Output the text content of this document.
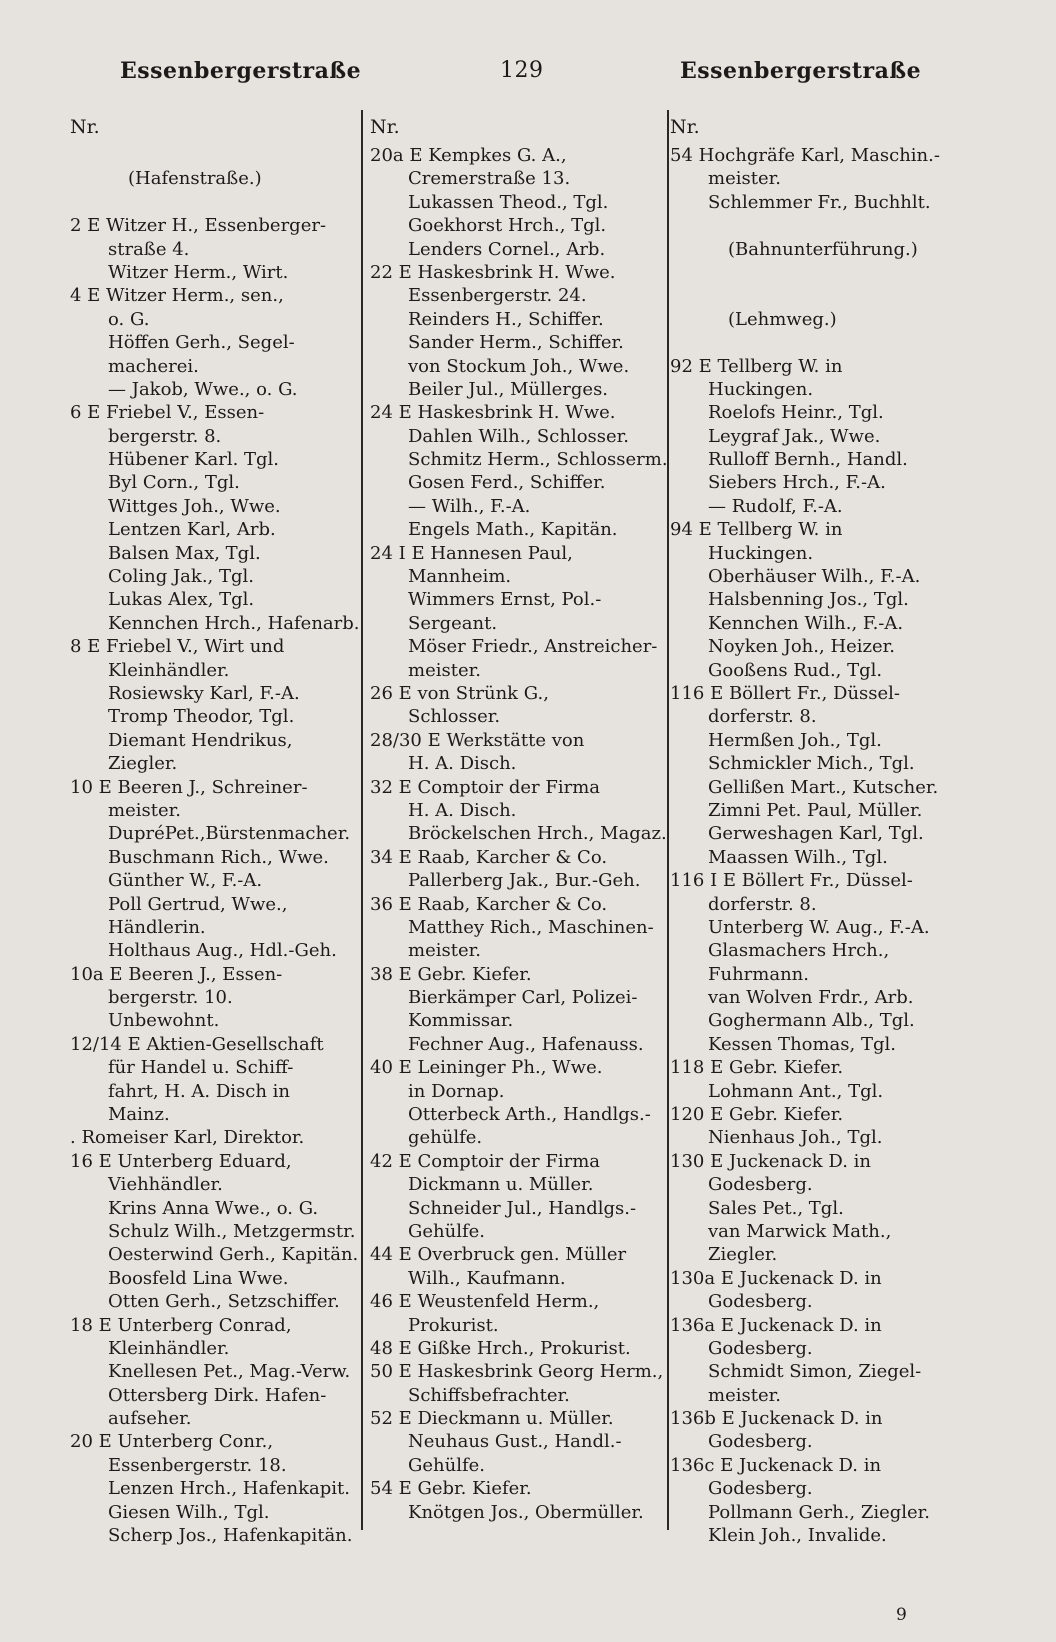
Essenbergerstraße	129	Essenbergerstraße
Nr.
(Hafenstraße.)
2 E Witzer H., Essenberger-
straße 4.
Witzer Herm., Wirt.
4 E Witzer Herm., sen.,
o. G.
Höffen Gerh., Segel-
macherei.
— Jakob, Wwe., o. G.
6 E Friebel V., Essen-
bergerstr. 8.
Hübener Karl. Tgl.
Byl Corn., Tgl.
Wittges Joh., Wwe.
Lentzen Karl, Arb.
Balsen Max, Tgl.
Coling Jak., Tgl.
Lukas Alex, Tgl.
Kennchen Hrch., Hafenarb.
8 E Friebel V., Wirt und
Kleinhändler.
Rosiewsky Karl, F.-A.
Tromp Theodor, Tgl.
Diemant Hendrikus,
Ziegler.
10 E Beeren J., Schreiner-
meister.
DupréPet.,Bürstenmacher.
Buschmann Rich., Wwe.
Günther W., F.-A.
Poll Gertrud, Wwe.,
Händlerin.
Holthaus Aug., Hdl.-Geh.
10a E Beeren J., Essen-
bergerstr. 10.
Unbewohnt.
12/14 E Aktien-Gesellschaft
für Handel u. Schiff-
fahrt, H. A. Disch in
Mainz.
. Romeiser Karl, Direktor.
16 E Unterberg Eduard,
Viehhändler.
Krins Anna Wwe., o. G.
Schulz Wilh., Metzgermstr.
Oesterwind Gerh., Kapitän.
Boosfeld Lina Wwe.
Otten Gerh., Setzschiffer.
18 E Unterberg Conrad,
Kleinhändler.
Knellesen Pet., Mag.-Verw.
Ottersberg Dirk. Hafen-
aufseher.
20 E Unterberg Conr.,
Essenbergerstr. 18.
Lenzen Hrch., Hafenkapit.
Giesen Wilh., Tgl.
Scherp Jos., Hafenkapitän.
Nr.
20a E Kempkes G. A.,
Cremerstraße 13.
Lukassen Theod., Tgl.
Goekhorst Hrch., Tgl.
Lenders Cornel., Arb.
22 E Haskesbrink H. Wwe.
Essenbergerstr. 24.
Reinders H., Schiffer.
Sander Herm., Schiffer.
von Stockum Joh., Wwe.
Beiler Jul., Müllerges.
24 E Haskesbrink H. Wwe.
Dahlen Wilh., Schlosser.
Schmitz Herm., Schlosserm.
Gosen Ferd., Schiffer.
— Wilh., F.-A.
Engels Math., Kapitän.
24 I E Hannesen Paul,
Mannheim.
Wimmers Ernst, Pol.-
Sergeant.
Möser Friedr., Anstreicher-
meister.
26 E von Strünk G.,
Schlosser.
28/30 E Werkstätte von
H. A. Disch.
32 E Comptoir der Firma
H. A. Disch.
Bröckelschen Hrch., Magaz.
34 E Raab, Karcher & Co.
Pallerberg Jak., Bur.-Geh.
36 E Raab, Karcher & Co.
Matthey Rich., Maschinen-
meister.
38 E Gebr. Kiefer.
Bierkämper Carl, Polizei-
Kommissar.
Fechner Aug., Hafenauss.
40 E Leininger Ph., Wwe.
in Dornap.
Otterbeck Arth., Handlgs.-
gehülfe.
42 E Comptoir der Firma
Dickmann u. Müller.
Schneider Jul., Handlgs.-
Gehülfe.
44 E Overbruck gen. Müller
Wilh., Kaufmann.
46 E Weustenfeld Herm.,
Prokurist.
48 E Gißke Hrch., Prokurist.
50 E Haskesbrink Georg Herm.,
Schiffsbefrachter.
52 E Dieckmann u. Müller.
Neuhaus Gust., Handl.-
Gehülfe.
54 E Gebr. Kiefer.
Knötgen Jos., Obermüller.
Nr.
54 Hochgräfe Karl, Maschin.-
meister.
Schlemmer Fr., Buchhlt.
(Bahnunterführung.)
(Lehmweg.)
92 E Tellberg W. in
Huckingen.
Roelofs Heinr., Tgl.
Leygraf Jak., Wwe.
Rulloff Bernh., Handl.
Siebers Hrch., F.-A.
— Rudolf, F.-A.
94 E Tellberg W. in
Huckingen.
Oberhäuser Wilh., F.-A.
Halsbenning Jos., Tgl.
Kennchen Wilh., F.-A.
Noyken Joh., Heizer.
Gooßens Rud., Tgl.
116 E Böllert Fr., Düssel-
dorferstr. 8.
Hermßen Joh., Tgl.
Schmickler Mich., Tgl.
Gellißen Mart., Kutscher.
Zimni Pet. Paul, Müller.
Gerweshagen Karl, Tgl.
Maassen Wilh., Tgl.
116 I E Böllert Fr., Düssel-
dorferstr. 8.
Unterberg W. Aug., F.-A.
Glasmachers Hrch.,
Fuhrmann.
van Wolven Frdr., Arb.
Goghermann Alb., Tgl.
Kessen Thomas, Tgl.
118 E Gebr. Kiefer.
Lohmann Ant., Tgl.
120 E Gebr. Kiefer.
Nienhaus Joh., Tgl.
130 E Juckenack D. in
Godesberg.
Sales Pet., Tgl.
van Marwick Math.,
Ziegler.
130a E Juckenack D. in
Godesberg.
136a E Juckenack D. in
Godesberg.
Schmidt Simon, Ziegel-
meister.
136b E Juckenack D. in
Godesberg.
136c E Juckenack D. in
Godesberg.
Pollmann Gerh., Ziegler.
Klein Joh., Invalide.
9
